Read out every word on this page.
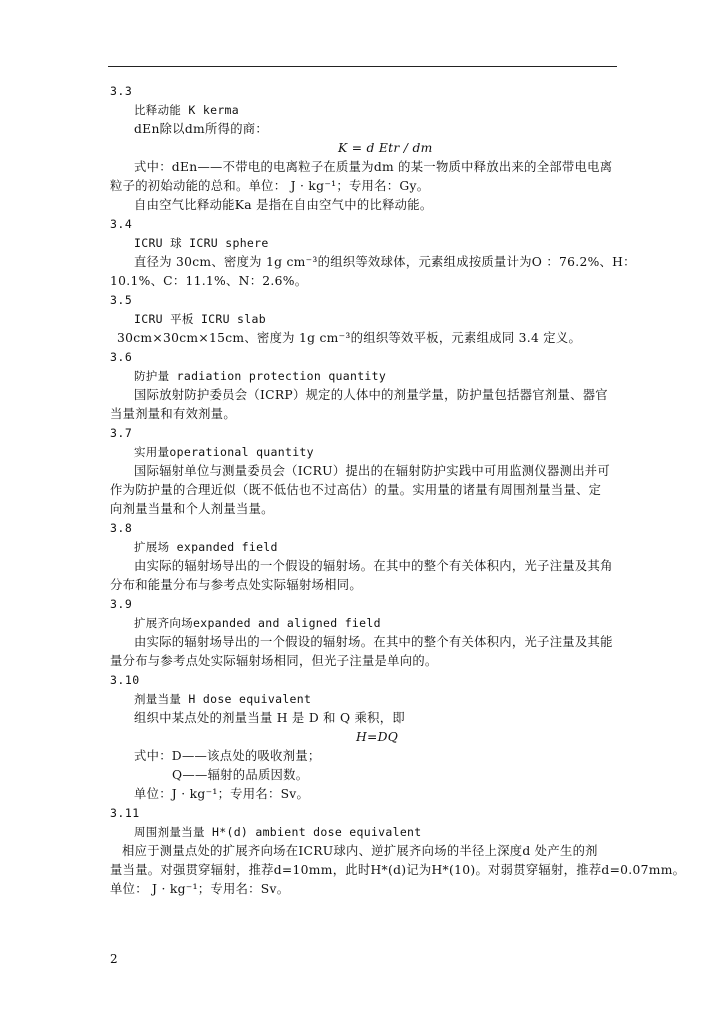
3.3
比释动能 K kerma
dEn除以dm所得的商：
K = d Etr / dm
式中：dEn——不带电的电离粒子在质量为dm 的某一物质中释放出来的全部带电电离
粒子的初始动能的总和。单位： J · kg⁻¹；专用名：Gy。
自由空气比释动能Ka 是指在自由空气中的比释动能。
3.4
ICRU 球 ICRU sphere
直径为 30cm、密度为 1g cm⁻³的组织等效球体，元素组成按质量计为O ：76.2%、H：
10.1%、C：11.1%、N：2.6%。
3.5
ICRU 平板 ICRU slab
30cm×30cm×15cm、密度为 1g cm⁻³的组织等效平板，元素组成同 3.4 定义。
3.6
防护量 radiation protection quantity
国际放射防护委员会（ICRP）规定的人体中的剂量学量，防护量包括器官剂量、器官
当量剂量和有效剂量。
3.7
实用量operational quantity
国际辐射单位与测量委员会（ICRU）提出的在辐射防护实践中可用监测仪器测出并可
作为防护量的合理近似（既不低估也不过高估）的量。实用量的诸量有周围剂量当量、定
向剂量当量和个人剂量当量。
3.8
扩展场 expanded field
由实际的辐射场导出的一个假设的辐射场。在其中的整个有关体积内，光子注量及其角
分布和能量分布与参考点处实际辐射场相同。
3.9
扩展齐向场expanded and aligned field
由实际的辐射场导出的一个假设的辐射场。在其中的整个有关体积内，光子注量及其能
量分布与参考点处实际辐射场相同，但光子注量是单向的。
3.10
剂量当量 H dose equivalent
组织中某点处的剂量当量 H 是 D 和 Q 乘积，即
H=DQ
式中：D——该点处的吸收剂量；
Q——辐射的品质因数。
单位：J · kg⁻¹；专用名：Sv。
3.11
周围剂量当量 H*(d) ambient dose equivalent
相应于测量点处的扩展齐向场在ICRU球内、逆扩展齐向场的半径上深度d 处产生的剂
量当量。对强贯穿辐射，推荐d=10mm，此时H*(d)记为H*(10)。对弱贯穿辐射，推荐d=0.07mm。
单位： J · kg⁻¹；专用名：Sv。
2
